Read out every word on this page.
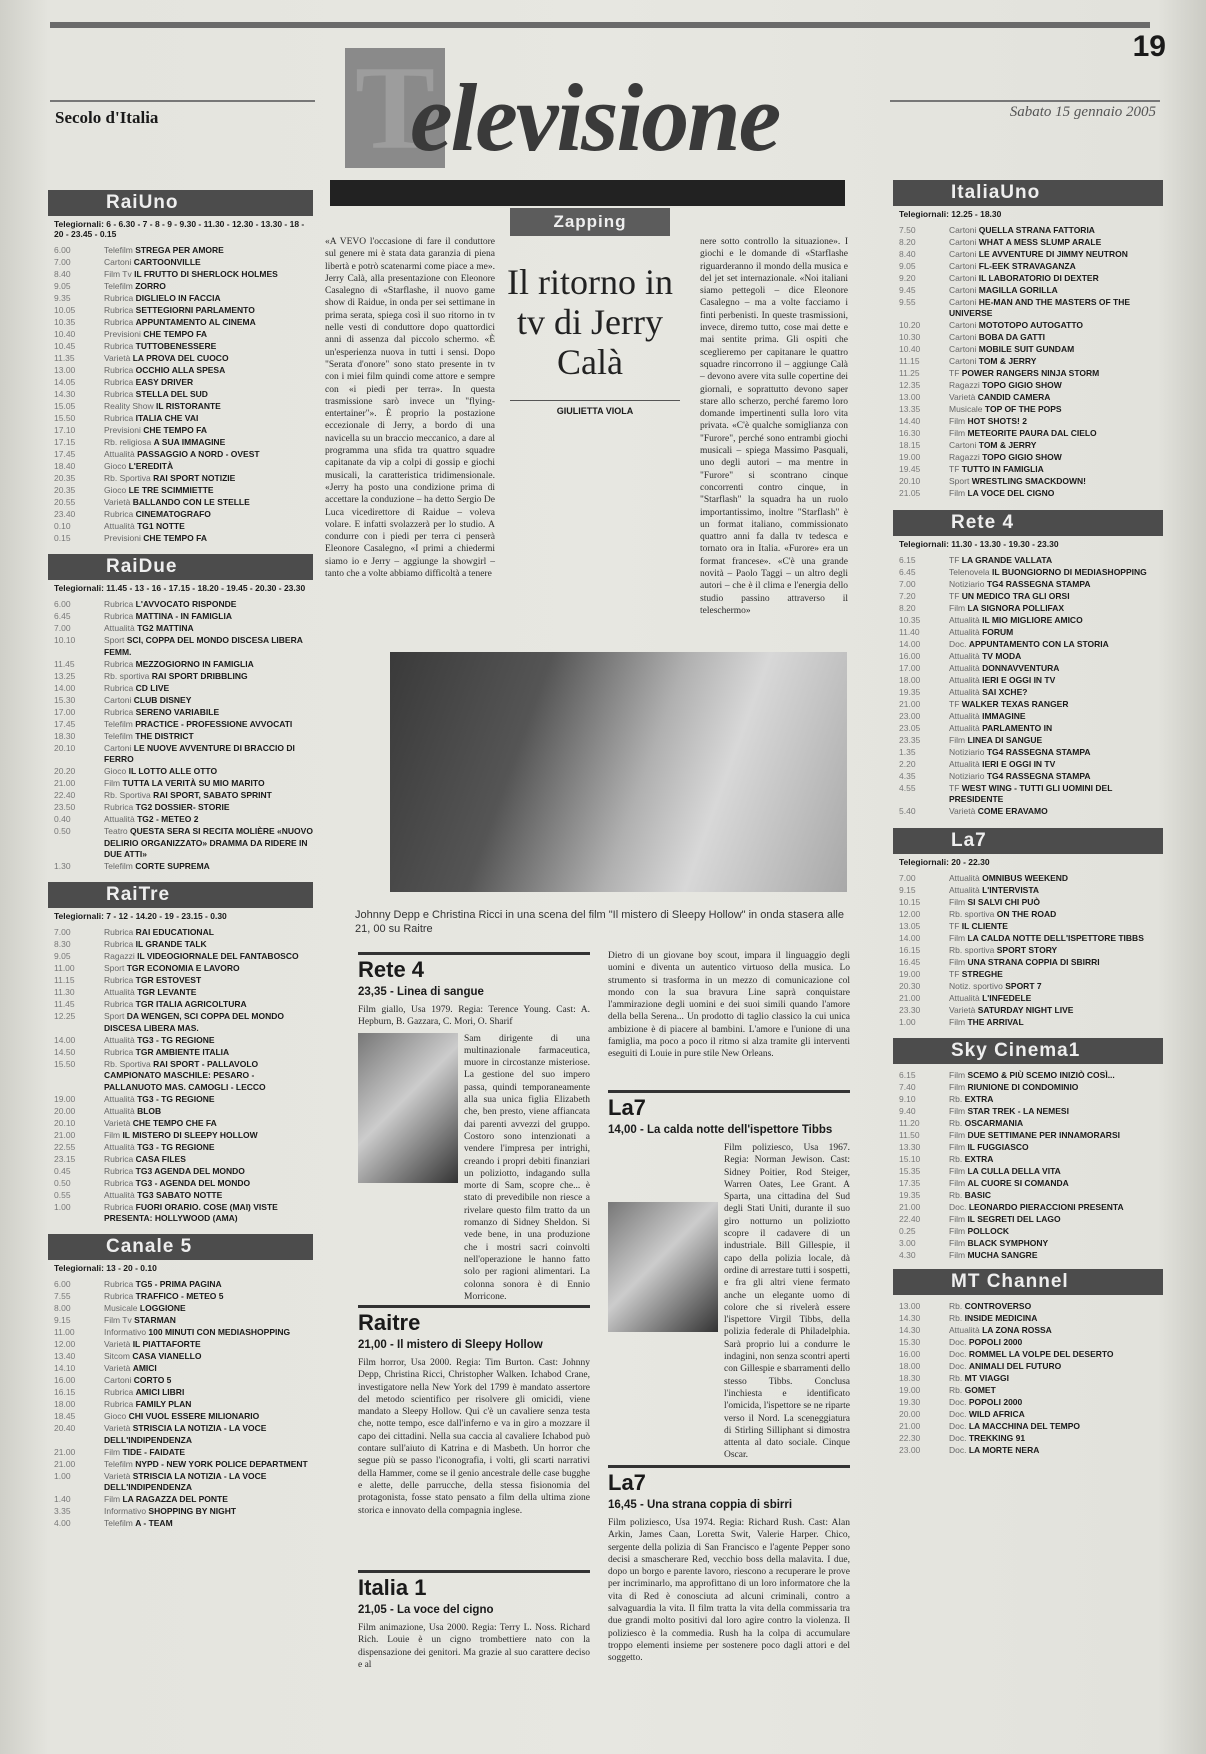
19
Secolo d'Italia	Sabato 15 gennaio 2005
T
elevisione
RaiUno
Telegiornali: 6 - 6.30 - 7 - 8 - 9 - 9.30 - 11.30 - 12.30 - 13.30 - 18 - 20 - 23.45 - 0.15
6.00	Telefilm STREGA PER AMORE
7.00	Cartoni CARTOONVILLE
8.40	Film Tv IL FRUTTO DI SHERLOCK HOLMES
9.05	Telefilm ZORRO
9.35	Rubrica DIGLIELO IN FACCIA
10.05	Rubrica SETTEGIORNI PARLAMENTO
10.35	Rubrica APPUNTAMENTO AL CINEMA
10.40	Previsioni CHE TEMPO FA
10.45	Rubrica TUTTOBENESSERE
11.35	Varietà LA PROVA DEL CUOCO
13.00	Rubrica OCCHIO ALLA SPESA
14.05	Rubrica EASY DRIVER
14.30	Rubrica STELLA DEL SUD
15.05	Reality Show IL RISTORANTE
15.50	Rubrica ITALIA CHE VAI
17.10	Previsioni CHE TEMPO FA
17.15	Rb. religiosa A SUA IMMAGINE
17.45	Attualità PASSAGGIO A NORD - OVEST
18.40	Gioco L'EREDITÀ
20.35	Rb. Sportiva RAI SPORT NOTIZIE
20.35	Gioco LE TRE SCIMMIETTE
20.55	Varietà BALLANDO CON LE STELLE
23.40	Rubrica CINEMATOGRAFO
0.10	Attualità TG1 NOTTE
0.15	Previsioni CHE TEMPO FA
RaiDue
Telegiornali: 11.45 - 13 - 16 - 17.15 - 18.20 - 19.45 - 20.30 - 23.30
6.00	Rubrica L'AVVOCATO RISPONDE
6.45	Rubrica MATTINA - IN FAMIGLIA
7.00	Attualità TG2 MATTINA
10.10	Sport SCI, COPPA DEL MONDO DISCESA LIBERA FEMM.
11.45	Rubrica MEZZOGIORNO IN FAMIGLIA
13.25	Rb. sportiva RAI SPORT DRIBBLING
14.00	Rubrica CD LIVE
15.30	Cartoni CLUB DISNEY
17.00	Rubrica SERENO VARIABILE
17.45	Telefilm PRACTICE - PROFESSIONE AVVOCATI
18.30	Telefilm THE DISTRICT
20.10	Cartoni LE NUOVE AVVENTURE DI BRACCIO DI FERRO
20.20	Gioco IL LOTTO ALLE OTTO
21.00	Film TUTTA LA VERITÀ SU MIO MARITO
22.40	Rb. Sportiva RAI SPORT, SABATO SPRINT
23.50	Rubrica TG2 DOSSIER- STORIE
0.40	Attualità TG2 - METEO 2
0.50	Teatro QUESTA SERA SI RECITA MOLIÈRE «NUOVO DELIRIO ORGANIZZATO» DRAMMA DA RIDERE IN DUE ATTI»
1.30	Telefilm CORTE SUPREMA
RaiTre
Telegiornali: 7 - 12 - 14.20 - 19 - 23.15 - 0.30
7.00	Rubrica RAI EDUCATIONAL
8.30	Rubrica IL GRANDE TALK
9.05	Ragazzi IL VIDEOGIORNALE DEL FANTABOSCO
11.00	Sport TGR ECONOMIA E LAVORO
11.15	Rubrica TGR ESTOVEST
11.30	Attualità TGR LEVANTE
11.45	Rubrica TGR ITALIA AGRICOLTURA
12.25	Sport DA WENGEN, SCI COPPA DEL MONDO DISCESA LIBERA MAS.
14.00	Attualità TG3 - TG REGIONE
14.50	Rubrica TGR AMBIENTE ITALIA
15.50	Rb. Sportiva RAI SPORT - PALLAVOLO CAMPIONATO MASCHILE: PESARO - PALLANUOTO MAS. CAMOGLI - LECCO
19.00	Attualità TG3 - TG REGIONE
20.00	Attualità BLOB
20.10	Varietà CHE TEMPO CHE FA
21.00	Film IL MISTERO DI SLEEPY HOLLOW
22.55	Attualità TG3 - TG REGIONE
23.15	Rubrica CASA FILES
0.45	Rubrica TG3 AGENDA DEL MONDO
0.50	Rubrica TG3 - AGENDA DEL MONDO
0.55	Attualità TG3 SABATO NOTTE
1.00	Rubrica FUORI ORARIO. COSE (MAI) VISTE PRESENTA: HOLLYWOOD (AMA)
Canale 5
Telegiornali: 13 - 20 - 0.10
6.00	Rubrica TG5 - PRIMA PAGINA
7.55	Rubrica TRAFFICO - METEO 5
8.00	Musicale LOGGIONE
9.15	Film Tv STARMAN
11.00	Informativo 100 MINUTI CON MEDIASHOPPING
12.00	Varietà IL PIATTAFORTE
13.40	Sitcom CASA VIANELLO
14.10	Varietà AMICI
16.00	Cartoni CORTO 5
16.15	Rubrica AMICI LIBRI
18.00	Rubrica FAMILY PLAN
18.45	Gioco CHI VUOL ESSERE MILIONARIO
20.40	Varietà STRISCIA LA NOTIZIA - LA VOCE DELL'INDIPENDENZA
21.00	Film TIDE - FAIDATE
21.00	Telefilm NYPD - NEW YORK POLICE DEPARTMENT
1.00	Varietà STRISCIA LA NOTIZIA - LA VOCE DELL'INDIPENDENZA
1.40	Film LA RAGAZZA DEL PONTE
3.35	Informativo SHOPPING BY NIGHT
4.00	Telefilm A - TEAM
ItaliaUno
Telegiornali: 12.25 - 18.30
7.50	Cartoni QUELLA STRANA FATTORIA
8.20	Cartoni WHAT A MESS SLUMP ARALE
8.40	Cartoni LE AVVENTURE DI JIMMY NEUTRON
9.05	Cartoni FL-EEK STRAVAGANZA
9.20	Cartoni IL LABORATORIO DI DEXTER
9.45	Cartoni MAGILLA GORILLA
9.55	Cartoni HE-MAN AND THE MASTERS OF THE UNIVERSE
10.20	Cartoni MOTOTOPO AUTOGATTO
10.30	Cartoni BOBA DA GATTI
10.40	Cartoni MOBILE SUIT GUNDAM
11.15	Cartoni TOM & JERRY
11.25	TF POWER RANGERS NINJA STORM
12.35	Ragazzi TOPO GIGIO SHOW
13.00	Varietà CANDID CAMERA
13.35	Musicale TOP OF THE POPS
14.40	Film HOT SHOTS! 2
16.30	Film METEORITE PAURA DAL CIELO
18.15	Cartoni TOM & JERRY
19.00	Ragazzi TOPO GIGIO SHOW
19.45	TF TUTTO IN FAMIGLIA
20.10	Sport WRESTLING SMACKDOWN!
21.05	Film LA VOCE DEL CIGNO
Rete 4
Telegiornali: 11.30 - 13.30 - 19.30 - 23.30
6.15	TF LA GRANDE VALLATA
6.45	Telenovela IL BUONGIORNO DI MEDIASHOPPING
7.00	Notiziario TG4 RASSEGNA STAMPA
7.20	TF UN MEDICO TRA GLI ORSI
8.20	Film LA SIGNORA POLLIFAX
10.35	Attualità IL MIO MIGLIORE AMICO
11.40	Attualità FORUM
14.00	Doc. APPUNTAMENTO CON LA STORIA
16.00	Attualità TV MODA
17.00	Attualità DONNAVVENTURA
18.00	Attualità IERI E OGGI IN TV
19.35	Attualità SAI XCHE?
21.00	TF WALKER TEXAS RANGER
23.00	Attualità IMMAGINE
23.05	Attualità PARLAMENTO IN
23.35	Film LINEA DI SANGUE
1.35	Notiziario TG4 RASSEGNA STAMPA
2.20	Attualità IERI E OGGI IN TV
4.35	Notiziario TG4 RASSEGNA STAMPA
4.55	TF WEST WING - TUTTI GLI UOMINI DEL PRESIDENTE
5.40	Varietà COME ERAVAMO
La7
Telegiornali: 20 - 22.30
7.00	Attualità OMNIBUS WEEKEND
9.15	Attualità L'INTERVISTA
10.15	Film SI SALVI CHI PUÒ
12.00	Rb. sportiva ON THE ROAD
13.05	TF IL CLIENTE
14.00	Film LA CALDA NOTTE DELL'ISPETTORE TIBBS
16.15	Rb. sportiva SPORT STORY
16.45	Film UNA STRANA COPPIA DI SBIRRI
19.00	TF STREGHE
20.30	Notiz. sportivo SPORT 7
21.00	Attualità L'INFEDELE
23.30	Varietà SATURDAY NIGHT LIVE
1.00	Film THE ARRIVAL
Sky Cinema1
6.15	Film SCEMO & PIÙ SCEMO INIZIÒ COSÌ...
7.40	Film RIUNIONE DI CONDOMINIO
9.10	Rb. EXTRA
9.40	Film STAR TREK - LA NEMESI
11.20	Rb. OSCARMANIA
11.50	Film DUE SETTIMANE PER INNAMORARSI
13.30	Film IL FUGGIASCO
15.10	Rb. EXTRA
15.35	Film LA CULLA DELLA VITA
17.35	Film AL CUORE SI COMANDA
19.35	Rb. BASIC
21.00	Doc. LEONARDO PIERACCIONI PRESENTA
22.40	Film IL SEGRETI DEL LAGO
0.25	Film POLLOCK
3.00	Film BLACK SYMPHONY
4.30	Film MUCHA SANGRE
MT Channel
13.00	Rb. CONTROVERSO
14.30	Rb. INSIDE MEDICINA
14.30	Attualità LA ZONA ROSSA
15.30	Doc. POPOLI 2000
16.00	Doc. ROMMEL LA VOLPE DEL DESERTO
18.00	Doc. ANIMALI DEL FUTURO
18.30	Rb. MT VIAGGI
19.00	Rb. GOMET
19.30	Doc. POPOLI 2000
20.00	Doc. WILD AFRICA
21.00	Doc. LA MACCHINA DEL TEMPO
22.30	Doc. TREKKING 91
23.00	Doc. LA MORTE NERA
Zapping
Il ritorno in tv di Jerry Calà
GIULIETTA VIOLA
«A VEVO l'occasione di fare il conduttore sul genere mi è stata data garanzia di piena libertà e potrò scatenarmi come piace a me». Jerry Calà, alla presentazione con Eleonore Casalegno di «Starflashe, il nuovo game show di Raidue, in onda per sei settimane in prima serata, spiega così il suo ritorno in tv nelle vesti di conduttore dopo quattordici anni di assenza dal piccolo schermo. «È un'esperienza nuova in tutti i sensi. Dopo "Serata d'onore" sono stato presente in tv con i miei film quindi come attore e sempre con «i piedi per terra». In questa trasmissione sarò invece un "flying-entertainer"». È proprio la postazione eccezionale di Jerry, a bordo di una navicella su un braccio meccanico, a dare al programma una sfida tra quattro squadre capitanate da vip a colpi di gossip e giochi musicali, la caratteristica tridimensionale. «Jerry ha posto una condizione prima di accettare la conduzione – ha detto Sergio De Luca vicedirettore di Raidue – voleva volare. E infatti svolazzerà per lo studio. A condurre con i piedi per terra ci penserà Eleonore Casalegno, «I primi a chiedermi siamo io e Jerry – aggiunge la showgirl – tanto che a volte abbiamo difficoltà a tenere
nere sotto controllo la situazione». I giochi e le domande di «Starflashe riguarderanno il mondo della musica e del jet set internazionale. «Noi italiani siamo pettegoli – dice Eleonore Casalegno – ma a volte facciamo i finti perbenisti. In queste trasmissioni, invece, diremo tutto, cose mai dette e mai sentite prima. Gli ospiti che sceglieremo per capitanare le quattro squadre rincorrono il – aggiunge Calà – devono avere vita sulle copertine dei giornali, e soprattutto devono saper stare allo scherzo, perché faremo loro domande impertinenti sulla loro vita privata. «C'è qualche somiglianza con "Furore", perché sono entrambi giochi musicali – spiega Massimo Pasquali, uno degli autori – ma mentre in "Furore" si scontrano cinque concorrenti contro cinque, in "Starflash" la squadra ha un ruolo importantissimo, inoltre "Starflash" è un format italiano, commissionato quattro anni fa dalla tv tedesca e tornato ora in Italia. «Furore» era un format francese». «C'è una grande novità – Paolo Taggi – un altro degli autori – che è il clima e l'energia dello studio passino attraverso il teleschermo»
Johnny Depp e Christina Ricci in una scena del film "Il mistero di Sleepy Hollow" in onda stasera alle 21, 00 su Raitre
Rete 4
23,35 - Linea di sangue
Film giallo, Usa 1979. Regia: Terence Young. Cast: A. Hepburn, B. Gazzara, C. Mori, O. Sharif
Sam dirigente di una multinazionale farmaceutica, muore in circostanze misteriose. La gestione del suo impero passa, quindi temporaneamente alla sua unica figlia Elizabeth che, ben presto, viene affiancata dai parenti avvezzi del gruppo. Costoro sono intenzionati a vendere l'impresa per intrighi, creando i propri debiti finanziari un poliziotto, indagando sulla morte di Sam, scopre che... è stato di prevedibile non riesce a rivelare questo film tratto da un romanzo di Sidney Sheldon. Si vede bene, in una produzione che i mostri sacri coinvolti nell'operazione le hanno fatto solo per ragioni alimentari. La colonna sonora è di Ennio Morricone.
Dietro di un giovane boy scout, impara il linguaggio degli uomini e diventa un autentico virtuoso della musica. Lo strumento si trasforma in un mezzo di comunicazione col mondo con la sua bravura Line saprà conquistare l'ammirazione degli uomini e dei suoi simili quando l'amore della bella Serena... Un prodotto di taglio classico la cui unica ambizione è di piacere al bambini. L'amore e l'unione di una famiglia, ma poco a poco il ritmo si alza tramite gli interventi eseguiti di Louie in pure stile New Orleans.
Raitre
21,00 - Il mistero di Sleepy Hollow
Film horror, Usa 2000. Regia: Tim Burton. Cast: Johnny Depp, Christina Ricci, Christopher Walken. Ichabod Crane, investigatore nella New York del 1799 è mandato assertore del metodo scientifico per risolvere gli omicidi, viene mandato a Sleepy Hollow. Qui c'è un cavaliere senza testa che, notte tempo, esce dall'inferno e va in giro a mozzare il capo dei cittadini. Nella sua caccia al cavaliere Ichabod può contare sull'aiuto di Katrina e di Masbeth. Un horror che segue più se passo l'iconografia, i volti, gli scarti narrativi della Hammer, come se il genio ancestrale delle case bugghe e alette, delle parrucche, della stessa fisionomia del protagonista, fosse stato pensato a film della ultima zione storica e innovato della compagnia inglese.
Italia 1
21,05 - La voce del cigno
Film animazione, Usa 2000. Regia: Terry L. Noss. Richard Rich. Louie è un cigno trombettiere nato con la dispensazione dei genitori. Ma grazie al suo carattere deciso e al
La7
14,00 - La calda notte dell'ispettore Tibbs
Film poliziesco, Usa 1967. Regia: Norman Jewison. Cast: Sidney Poitier, Rod Steiger, Warren Oates, Lee Grant. A Sparta, una cittadina del Sud degli Stati Uniti, durante il suo giro notturno un poliziotto scopre il cadavere di un industriale. Bill Gillespie, il capo della polizia locale, dà ordine di arrestare tutti i sospetti, e fra gli altri viene fermato anche un elegante uomo di colore che si rivelerà essere l'ispettore Virgil Tibbs, della polizia federale di Philadelphia. Sarà proprio lui a condurre le indagini, non senza scontri aperti con Gillespie e sbarramenti dello stesso Tibbs. Conclusa l'inchiesta e identificato l'omicida, l'ispettore se ne riparte verso il Nord. La sceneggiatura di Stirling Silliphant si dimostra attenta al dato sociale. Cinque Oscar.
La7
16,45 - Una strana coppia di sbirri
Film poliziesco, Usa 1974. Regia: Richard Rush. Cast: Alan Arkin, James Caan, Loretta Swit, Valerie Harper. Chico, sergente della polizia di San Francisco e l'agente Pepper sono decisi a smascherare Red, vecchio boss della malavita. I due, dopo un borgo e parente lavoro, riescono a recuperare le prove per incriminarlo, ma approfittano di un loro informatore che la vita di Red è conosciuta ad alcuni criminali, contro a salvaguardia la vita. Il film tratta la vita della commissaria tra due grandi molto positivi dal loro agire contro la violenza. Il poliziesco è la commedia. Rush ha la colpa di accumulare troppo elementi insieme per sostenere poco dagli attori e del soggetto.
